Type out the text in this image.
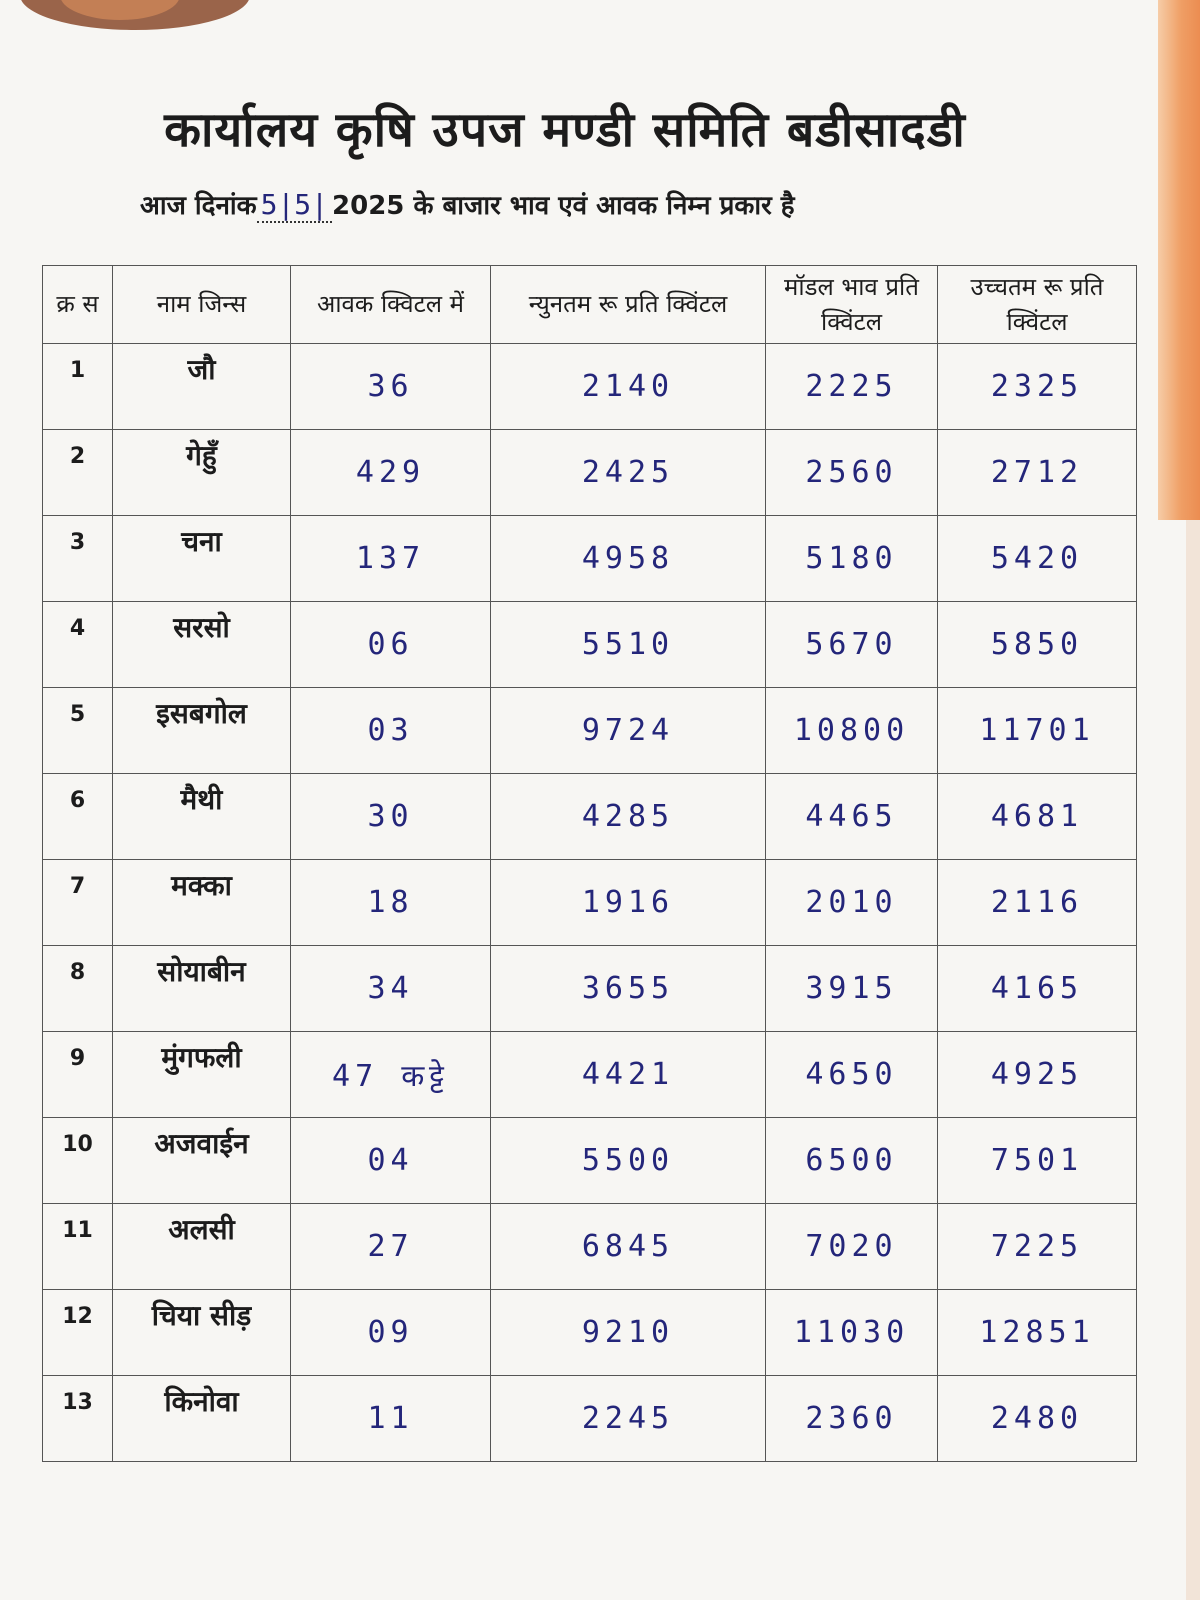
कार्यालय कृषि उपज मण्डी समिति बडीसादडी
आज दिनांक 5|5| 2025 के बाजार भाव एवं आवक निम्न प्रकार है
क्र स	नाम जिन्स	आवक क्विटल में	न्युनतम रू प्रति क्विंटल	मॉडल भाव प्रति क्विंटल	उच्चतम रू प्रति क्विंटल
1	जौ	36	2140	2225	2325
2	गेहुँ	429	2425	2560	2712
3	चना	137	4958	5180	5420
4	सरसो	06	5510	5670	5850
5	इसबगोल	03	9724	10800	11701
6	मैथी	30	4285	4465	4681
7	मक्का	18	1916	2010	2116
8	सोयाबीन	34	3655	3915	4165
9	मुंगफली	47 कट्टे	4421	4650	4925
10	अजवाईन	04	5500	6500	7501
11	अलसी	27	6845	7020	7225
12	चिया सीड़	09	9210	11030	12851
13	किनोवा	11	2245	2360	2480
